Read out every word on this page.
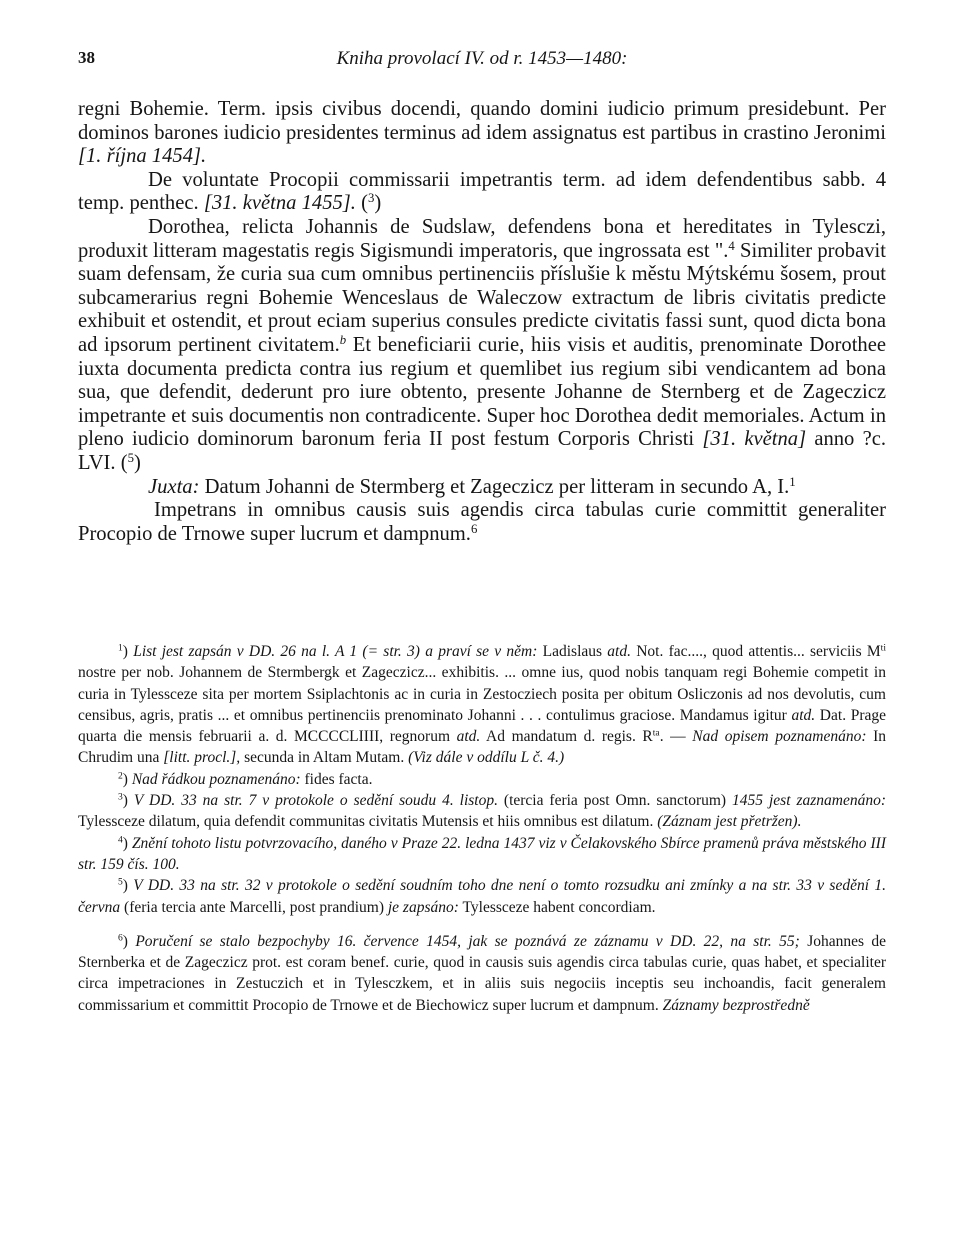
38	Kniha provolací IV. od r. 1453—1480:

regni Bohemie. Term. ipsis civibus docendi, quando domini iudicio primum presidebunt. Per dominos barones iudicio presidentes terminus ad idem assignatus est partibus in crastino Jeronimi [1. října 1454].

De voluntate Procopii commissarii impetrantis term. ad idem defendentibus sabb. 4 temp. penthec. [31. května 1455]. ($^3$)

Dorothea, relicta Johannis de Sudslaw, defendens bona et hereditates in Tylesczi, produxit litteram magestatis regis Sigismundi imperatoris, que ingrossata est ".$^4$ Similiter probavit suam defensam, že curia sua cum omnibus pertinenciis příslušie k městu Mýtskému šosem, prout subcamerarius regni Bohemie Wenceslaus de Waleczow extractum de libris civitatis predicte exhibuit et ostendit, et prout eciam superius consules predicte civitatis fassi sunt, quod dicta bona ad ipsorum pertinent civitatem.$^b$ Et beneficiarii curie, hiis visis et auditis, prenominate Dorothee iuxta documenta predicta contra ius regium et quemlibet ius regium sibi vendicantem ad bona sua, que defendit, dederunt pro iure obtento, presente Johanne de Sternberg et de Zageczicz impetrante et suis documentis non contradicente. Super hoc Dorothea dedit memoriales. Actum in pleno iudicio dominorum baronum feria II post festum Corporis Christi [31. května] anno ?c. LVI. ($^5$)

Juxta: Datum Johanni de Stermberg et Zageczicz per litteram in secundo A, I.$^1$

Impetrans in omnibus causis suis agendis circa tabulas curie committit generaliter Procopio de Trnowe super lucrum et dampnum.$^6$

$^1$) List jest zapsán v DD. 26 na l. A 1 (= str. 3) a praví se v něm: Ladislaus atd. Not. fac...., quod attentis... serviciis $M^{ti}$ nostre per nob. Johannem de Stermbergk et Zageczicz... exhibitis. ... omne ius, quod nobis tanquam regi Bohemie competit in curia in Tylessceze sita per mortem Ssiplachtonis ac in curia in Zestocziech posita per obitum Osliczonis ad nos devolutis, cum censibus, agris, pratis ... et omnibus pertinenciis prenominato Johanni . . . contulimus graciose. Mandamus igitur atd. Dat. Prage quarta die mensis februarii a. d. MCCCCLIIII, regnorum atd. Ad mandatum d. regis. $R^{ta}$. — Nad opisem poznamenáno: In Chrudim una [litt. procl.], secunda in Altam Mutam. (Viz dále v oddílu L č. 4.)

$^2$) Nad řádkou poznamenáno: fides facta.

$^3$) V DD. 33 na str. 7 v protokole o sedění soudu 4. listop. (tercia feria post Omn. sanctorum) 1455 jest zaznamenáno: Tylessceze dilatum, quia defendit communitas civitatis Mutensis et hiis omnibus est dilatum. (Záznam jest přetržen).

$^4$) Znění tohoto listu potvrzovacího, daného v Praze 22. ledna 1437 viz v Čelakovského Sbírce pramenů práva městského III str. 159 čís. 100.

$^5$) V DD. 33 na str. 32 v protokole o sedění soudním toho dne není o tomto rozsudku ani zmínky a na str. 33 v sedění 1. června (feria tercia ante Marcelli, post prandium) je zapsáno: Tylessceze habent concordiam.

$^6$) Poručení se stalo bezpochyby 16. července 1454, jak se poznává ze záznamu v DD. 22, na str. 55; Johannes de Sternberka et de Zageczicz prot. est coram benef. curie, quod in causis suis agendis circa tabulas curie, quas habet, et specialiter circa impetraciones in Zestuczich et in Tylesczkem, et in aliis suis negociis inceptis seu inchoandis, facit generalem commissarium et committit Procopio de Trnowe et de Biechowicz super lucrum et dampnum. Záznamy bezprostředně
